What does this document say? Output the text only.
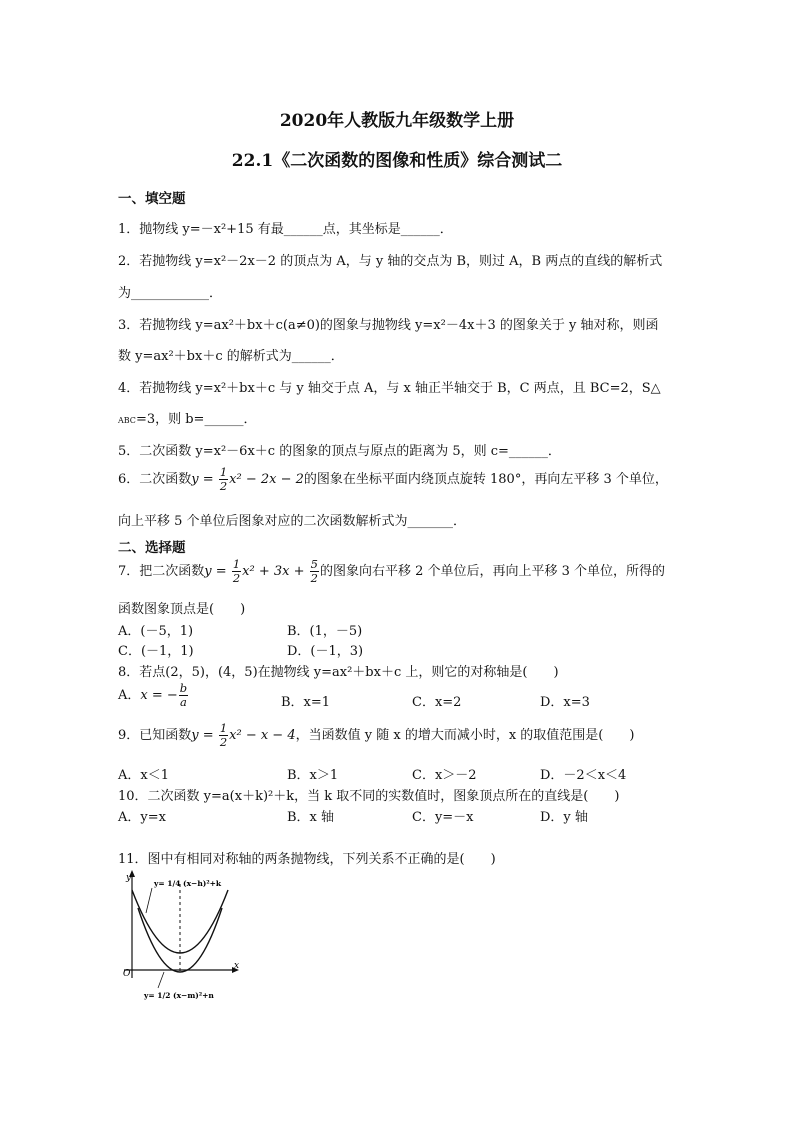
2020年人教版九年级数学上册
22.1《二次函数的图像和性质》综合测试二
一、填空题
1．抛物线 y=－x²+15 有最______点，其坐标是______．
2．若抛物线 y=x²－2x－2 的顶点为 A，与 y 轴的交点为 B，则过 A，B 两点的直线的解析式
为____________．
3．若抛物线 y=ax²＋bx＋c(a≠0)的图象与抛物线 y=x²－4x＋3 的图象关于 y 轴对称，则函
数 y=ax²＋bx＋c 的解析式为______．
4．若抛物线 y=x²＋bx＋c 与 y 轴交于点 A，与 x 轴正半轴交于 B，C 两点，且 BC=2，S△
ABC=3，则 b=______．
5．二次函数 y=x²－6x＋c 的图象的顶点与原点的距离为 5，则 c=______．
6．二次函数$y = \frac{1}{2} x^2 - 2x - 2$的图象在坐标平面内绕顶点旋转 180°，再向左平移 3 个单位，
向上平移 5 个单位后图象对应的二次函数解析式为_______．
二、选择题
7．把二次函数$y = \frac{1}{2} x^2 + 3x + \frac{5}{2}$ 的图象向右平移 2 个单位后，再向上平移 3 个单位，所得的
函数图象顶点是(　　)
A．(－5，1)	B．(1，－5)
C．(－1，1)	D．(－1，3)
8．若点(2，5)，(4，5)在抛物线 y=ax²＋bx＋c 上，则它的对称轴是(　　)
A．x = − $\frac{b}{a}$	B．x=1	C．x=2	D．x=3
9．已知函数$y = \frac{1}{2} x^2 - x - 4$，当函数值 y 随 x 的增大而减小时，x 的取值范围是(　　)
A．x＜1	B．x＞1	C．x＞－2	D．－2＜x＜4
10．二次函数 y=a(x＋k)²＋k，当 k 取不同的实数值时，图象顶点所在的直线是(　　)
A．y=x	B．x 轴	C．y=－x	D．y 轴
11．图中有相同对称轴的两条抛物线，下列关系不正确的是(　　)
y
x
O
y= 1/4 (x−h)²+k
y= 1/2 (x−m)²+n
